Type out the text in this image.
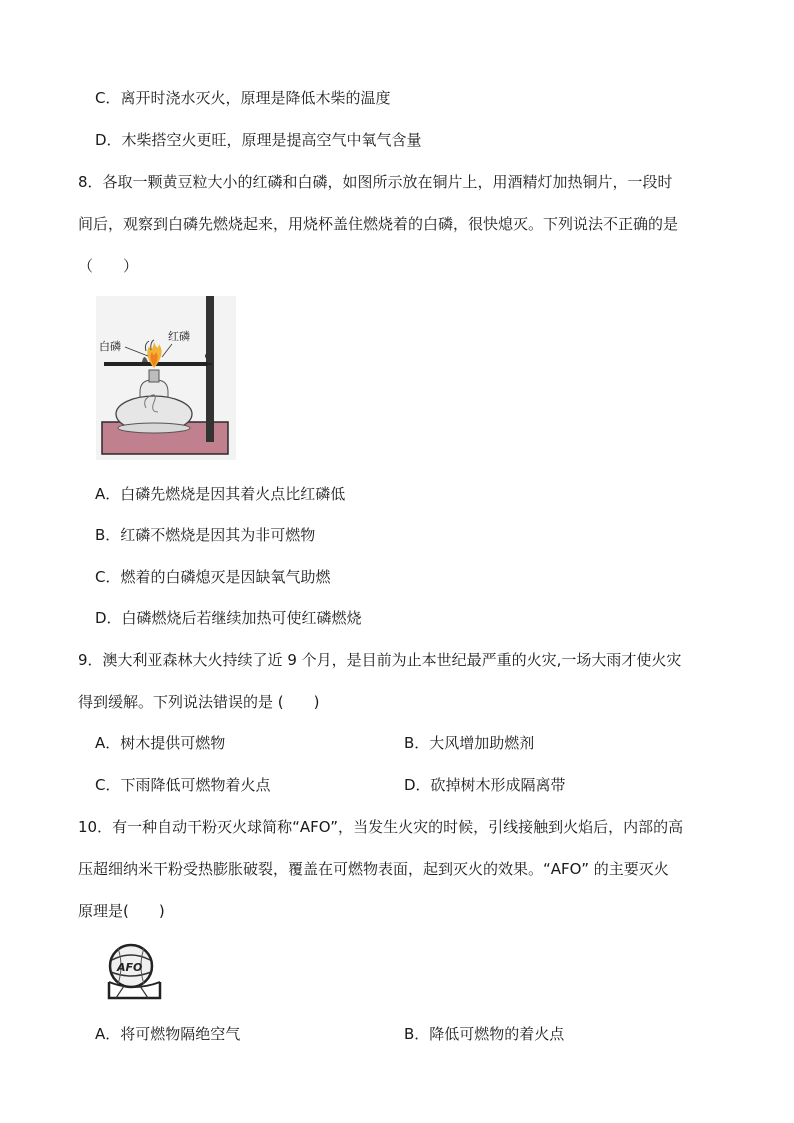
C．离开时浇水灭火，原理是降低木柴的温度
D．木柴搭空火更旺，原理是提高空气中氧气含量
8．各取一颗黄豆粒大小的红磷和白磷，如图所示放在铜片上，用酒精灯加热铜片，一段时
间后，观察到白磷先燃烧起来，用烧杯盖住燃烧着的白磷，很快熄灭。下列说法不正确的是
（　　）
白磷
红磷
A．白磷先燃烧是因其着火点比红磷低
B．红磷不燃烧是因其为非可燃物
C．燃着的白磷熄灭是因缺氧气助燃
D．白磷燃烧后若继续加热可使红磷燃烧
9．澳大利亚森林大火持续了近 9 个月，是目前为止本世纪最严重的火灾,一场大雨才使火灾
得到缓解。下列说法错误的是 (　　)
A．树木提供可燃物	B．大风增加助燃剂
C．下雨降低可燃物着火点	D．砍掉树木形成隔离带
10．有一种自动干粉灭火球简称“AFO”，当发生火灾的时候，引线接触到火焰后，内部的高
压超细纳米干粉受热膨胀破裂，覆盖在可燃物表面，起到灭火的效果。“AFO” 的主要灭火
原理是(　　)
AFO
A．将可燃物隔绝空气	B．降低可燃物的着火点
